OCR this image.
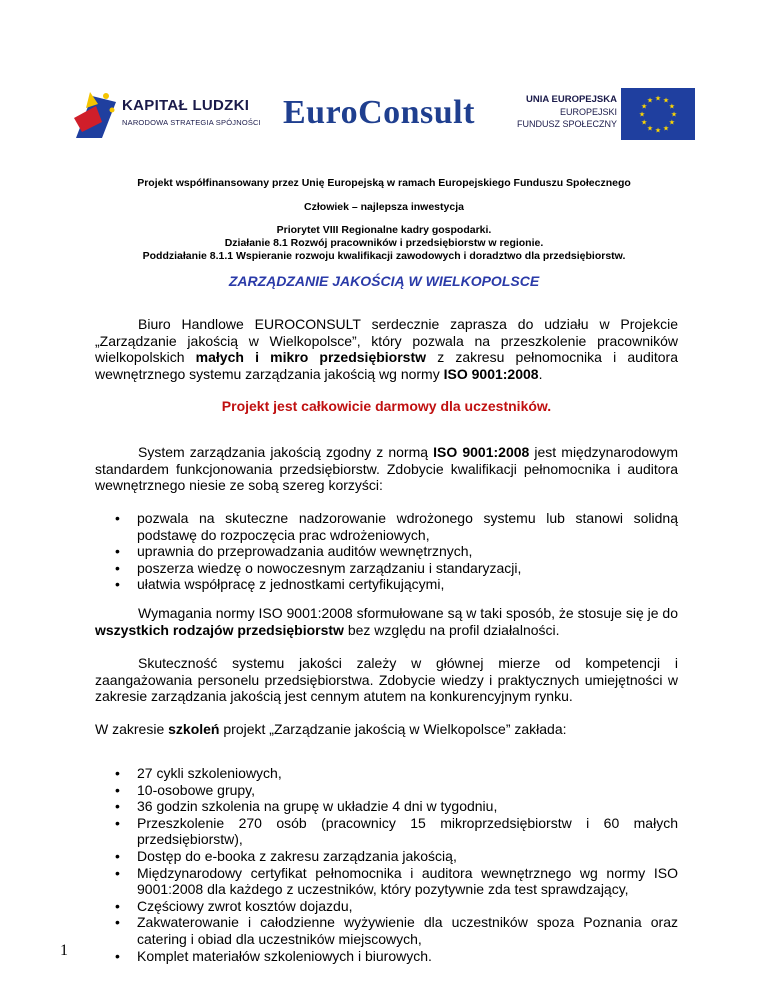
KAPITAŁ LUDZKI
NARODOWA STRATEGIA SPÓJNOŚCI EuroConsult	UNIA EUROPEJSKA
EUROPEJSKI
FUNDUSZ SPOŁECZNY
★ ★
★
★
★
★
★
★
★
★
★
★
Projekt współfinansowany przez Unię Europejską w ramach Europejskiego Funduszu Społecznego
Człowiek – najlepsza inwestycja
Priorytet VIII Regionalne kadry gospodarki.
Działanie 8.1 Rozwój pracowników i przedsiębiorstw w regionie.
Poddziałanie 8.1.1 Wspieranie rozwoju kwalifikacji zawodowych i doradztwo dla przedsiębiorstw.
ZARZĄDZANIE JAKOŚCIĄ W WIELKOPOLSCE
Biuro Handlowe EUROCONSULT serdecznie zaprasza do udziału w Projekcie „Zarządzanie jakością w Wielkopolsce”, który pozwala na przeszkolenie pracowników wielkopolskich małych i mikro przedsiębiorstw z zakresu pełnomocnika i auditora wewnętrznego systemu zarządzania jakością wg normy ISO 9001:2008.
Projekt jest całkowicie darmowy dla uczestników.
System zarządzania jakością zgodny z normą ISO 9001:2008 jest międzynarodowym standardem funkcjonowania przedsiębiorstw. Zdobycie kwalifikacji pełnomocnika i auditora wewnętrznego niesie ze sobą szereg korzyści:
• pozwala na skuteczne nadzorowanie wdrożonego systemu lub stanowi solidną podstawę do rozpoczęcia prac wdrożeniowych,
• uprawnia do przeprowadzania auditów wewnętrznych,
• poszerza wiedzę o nowoczesnym zarządzaniu i standaryzacji,
• ułatwia współpracę z jednostkami certyfikującymi,
Wymagania normy ISO 9001:2008 sformułowane są w taki sposób, że stosuje się je do wszystkich rodzajów przedsiębiorstw bez względu na profil działalności.
Skuteczność systemu jakości zależy w głównej mierze od kompetencji i zaangażowania personelu przedsiębiorstwa. Zdobycie wiedzy i praktycznych umiejętności w zakresie zarządzania jakością jest cennym atutem na konkurencyjnym rynku.
W zakresie szkoleń projekt „Zarządzanie jakością w Wielkopolsce” zakłada:
• 27 cykli szkoleniowych,
• 10-osobowe grupy,
• 36 godzin szkolenia na grupę w układzie 4 dni w tygodniu,
• Przeszkolenie 270 osób (pracownicy 15 mikroprzedsiębiorstw i 60 małych przedsiębiorstw),
• Dostęp do e-booka z zakresu zarządzania jakością,
• Międzynarodowy certyfikat pełnomocnika i auditora wewnętrznego wg normy ISO 9001:2008 dla każdego z uczestników, który pozytywnie zda test sprawdzający,
• Częściowy zwrot kosztów dojazdu,
• Zakwaterowanie i całodzienne wyżywienie dla uczestników spoza Poznania oraz catering i obiad dla uczestników miejscowych,
• Komplet materiałów szkoleniowych i biurowych.
1
